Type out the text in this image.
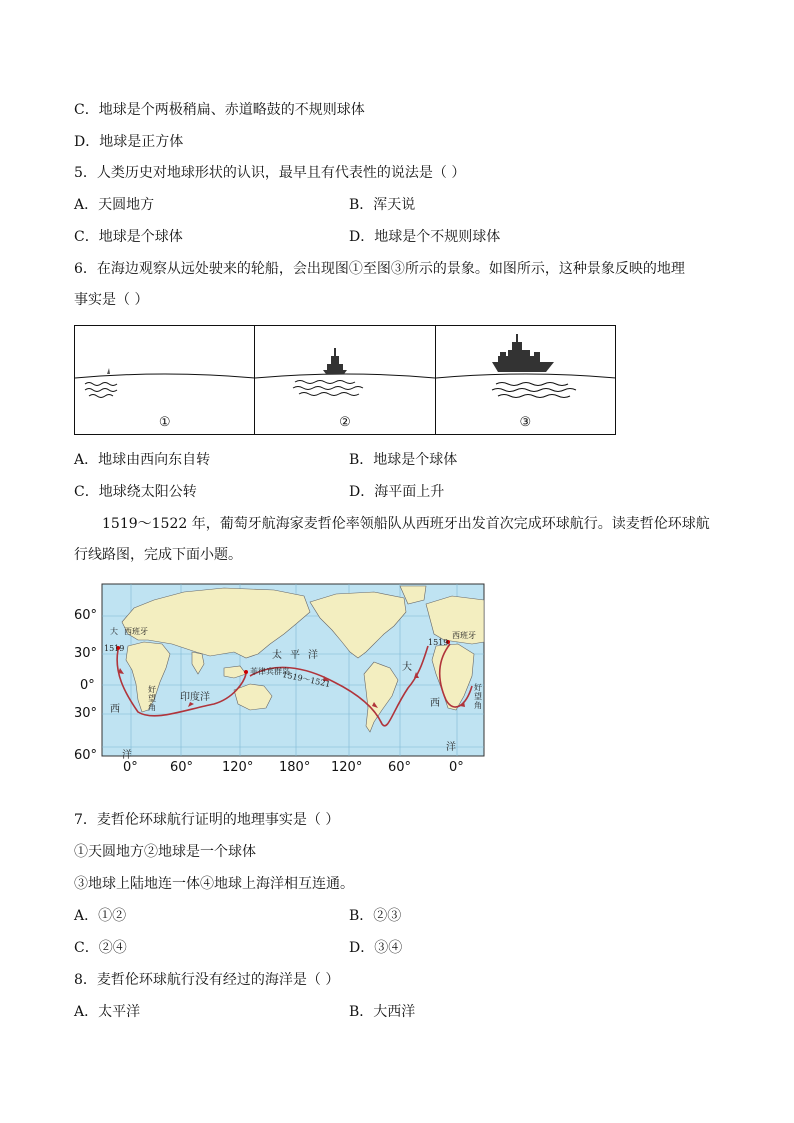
C．地球是个两极稍扁、赤道略鼓的不规则球体
D．地球是正方体
5．人类历史对地球形状的认识，最早且有代表性的说法是（ ）
A．天圆地方	B．浑天说
C．地球是个球体	D．地球是个不规则球体
6．在海边观察从远处驶来的轮船，会出现图①至图③所示的景象。如图所示，这种景象反映的地理
事实是（ ）
①	②	③
A．地球由西向东自转	B．地球是个球体
C．地球绕太阳公转	D．海平面上升
1519～1522 年，葡萄牙航海家麦哲伦率领船队从西班牙出发首次完成环球航行。读麦哲伦环球航
行线路图，完成下面小题。
60°
30°
0°
30°
60°
0° 60° 120° 180° 120° 60°	0°
大 西班牙
1519
西
洋
好
望
角
印度洋
菲律宾群岛
1519～1521
太 平 洋
大
西
洋
西班牙
1519
好
望
角
7．麦哲伦环球航行证明的地理事实是（ ）
①天圆地方②地球是一个球体
③地球上陆地连一体④地球上海洋相互连通。
A．①②	B．②③
C．②④	D．③④
8．麦哲伦环球航行没有经过的海洋是（ ）
A．太平洋	B．大西洋
